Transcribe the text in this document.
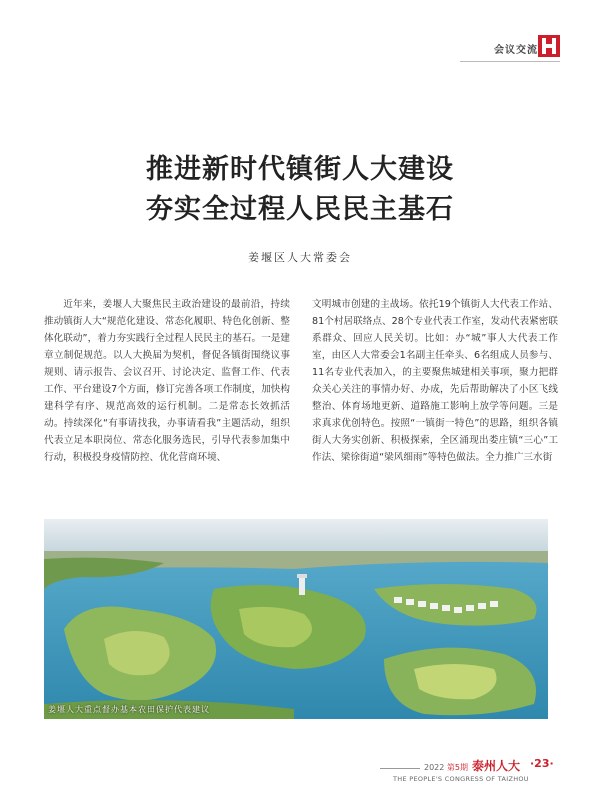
会议交流
推进新时代镇街人大建设
夯实全过程人民民主基石
姜堰区人大常委会

近年来，姜堰人大聚焦民主政治建设的最前沿，持续推动镇街人大“规范化建设、常态化履职、特色化创新、整体化联动”，着力夯实践行全过程人民民主的基石。一是建章立制促规范。以人大换届为契机，督促各镇街围绕议事规则、请示报告、会议召开、讨论决定、监督工作、代表工作、平台建设7个方面，修订完善各项工作制度，加快构建科学有序、规范高效的运行机制。二是常态长效抓活动。持续深化“有事请找我，办事请看我”主题活动，组织代表立足本职岗位、常态化服务选民，引导代表参加集中行动，积极投身疫情防控、优化营商环境、

文明城市创建的主战场。依托19个镇街人大代表工作站、81个村居联络点、28个专业代表工作室，发动代表紧密联系群众、回应人民关切。比如：办“城”事人大代表工作室，由区人大常委会1名副主任牵头、6名组成人员参与、11名专业代表加入，的主要聚焦城建相关事项，聚力把群众关心关注的事情办好、办成，先后帮助解决了小区飞线整治、体育场地更新、道路施工影响上放学等问题。三是求真求优创特色。按照“一镇街一特色”的思路，组织各镇街人大务实创新、积极探索，全区涌现出娄庄镇“三心”工作法、梁徐街道“梁风细雨”等特色做法。全力推广三水街

姜堰人大重点督办基本农田保护代表建议
2022 第5期 泰州人大
THE PEOPLE'S CONGRESS OF TAIZHOU
·23·
